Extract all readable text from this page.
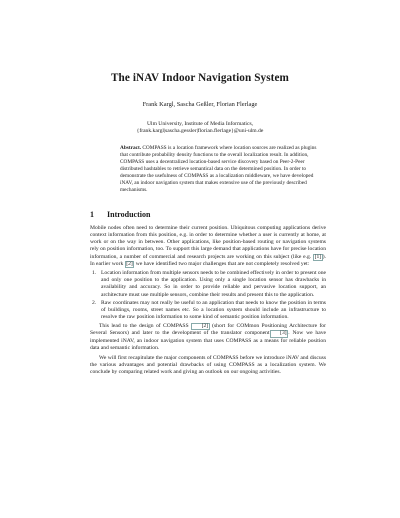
The iNAV Indoor Navigation System
Frank Kargl, Sascha Geßler, Florian Flerlage
Ulm University, Institute of Media Informatics,
{frank.kargl|sascha.gessler|florian.flerlage}@uni-ulm.de
Abstract. COMPASS is a location framework where location sources are realized as plugins that contribute probability density functions to the overall localization result. In addition, COMPASS uses a decentralized location-based service discovery based on Peer-2-Peer distributed hashtables to retrieve semantical data on the determined position. In order to demonstrate the usefulness of COMPASS as a localization middleware, we have developed iNAV, an indoor navigation system that makes extensive use of the previously described mechanisms.
1 Introduction

Mobile nodes often need to determine their current position. Ubiquitous computing applications derive context information from this position, e.g. in order to determine whether a user is currently at home, at work or on the way in between. Other applications, like position-based routing or navigation systems rely on position information, too. To support this large demand that applications have for precise location information, a number of commercial and research projects are working on this subject (like e.g. [1] ). In earlier work [2] we have identified two major challenges that are not completely resolved yet:

1. Location information from multiple sensors needs to be combined effectively in order to present one and only one position to the application. Using only a single location sensor has drawbacks in availability and accuracy. So in order to provide reliable and pervasive location support, an architecture must use multiple sensors, combine their results and present this to the application.
2. Raw coordinates may not really be useful to an application that needs to know the position in terms of buildings, rooms, street names etc. So a location system should include an infrastructure to resolve the raw position information to some kind of semantic position information.

This lead to the design of COMPASS [2] (short for COMmon Positioning Architecture for Several Sensors) and later to the development of the translator component [3] . Now we have implemented iNAV, an indoor navigation system that uses COMPASS as a means for reliable position data and semantic information.

We will first recapitulate the major components of COMPASS before we introduce iNAV and discuss the various advantages and potential drawbacks of using COMPASS as a localization system. We conclude by comparing related work and giving an outlook on our ongoing activities.
